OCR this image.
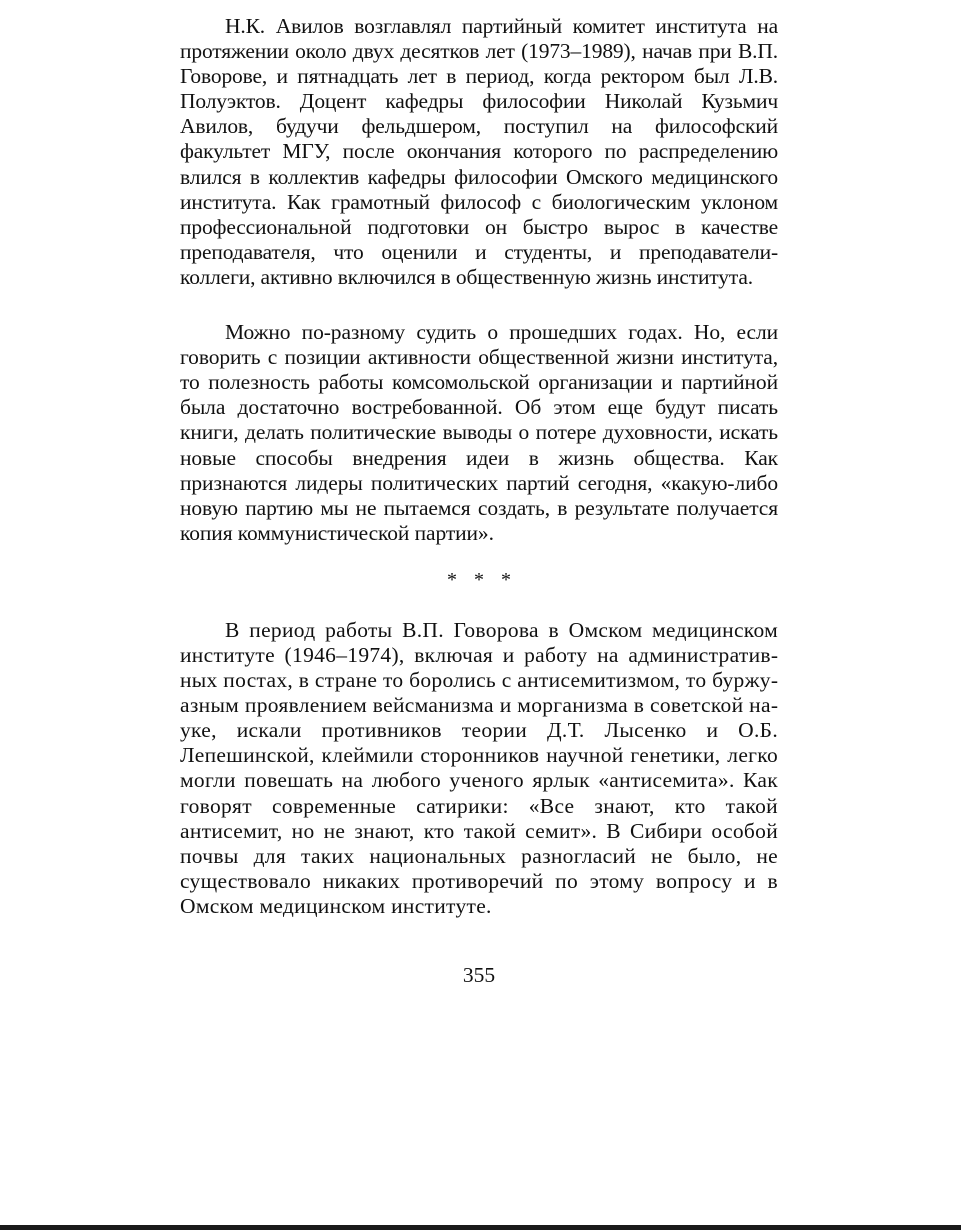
Н.К. Авилов возглавлял партийный комитет института на протяжении около двух десятков лет (1973–1989), начав при В.П. Говорове, и пятнадцать лет в период, когда ректором был Л.В. Полуэктов. Доцент кафедры философии Николай Кузьмич Авилов, будучи фельдшером, поступил на философский факультет МГУ, после окончания которого по распределению влился в коллектив кафедры философии Омского медицинского института. Как грамотный философ с биологическим уклоном профессиональной подготовки он быстро вырос в качестве преподавателя, что оценили и студенты, и преподаватели-коллеги, активно включился в общественную жизнь института.

Можно по-разному судить о прошедших годах. Но, если говорить с позиции активности общественной жизни института, то полезность работы комсомольской организации и партийной была достаточно востребованной. Об этом еще будут писать книги, делать политические выводы о потере духовности, искать новые способы внедрения идеи в жизнь общества. Как признаются лидеры политических партий сегодня, «какую-либо новую партию мы не пытаемся создать, в результате получается копия коммунистической партии».

* * *

В период работы В.П. Говорова в Омском медицинском институте (1946–1974), включая и работу на административных постах, в стране то боролись с антисемитизмом, то буржуазным проявлением вейсманизма и морганизма в советской науке, искали противников теории Д.Т. Лысенко и О.Б. Лепешинской, клеймили сторонников научной генетики, легко могли повешать на любого ученого ярлык «антисемита». Как говорят современные сатирики: «Все знают, кто такой антисемит, но не знают, кто такой семит». В Сибири особой почвы для таких национальных разногласий не было, не существовало никаких противоречий по этому вопросу и в Омском медицинском институте.

355
